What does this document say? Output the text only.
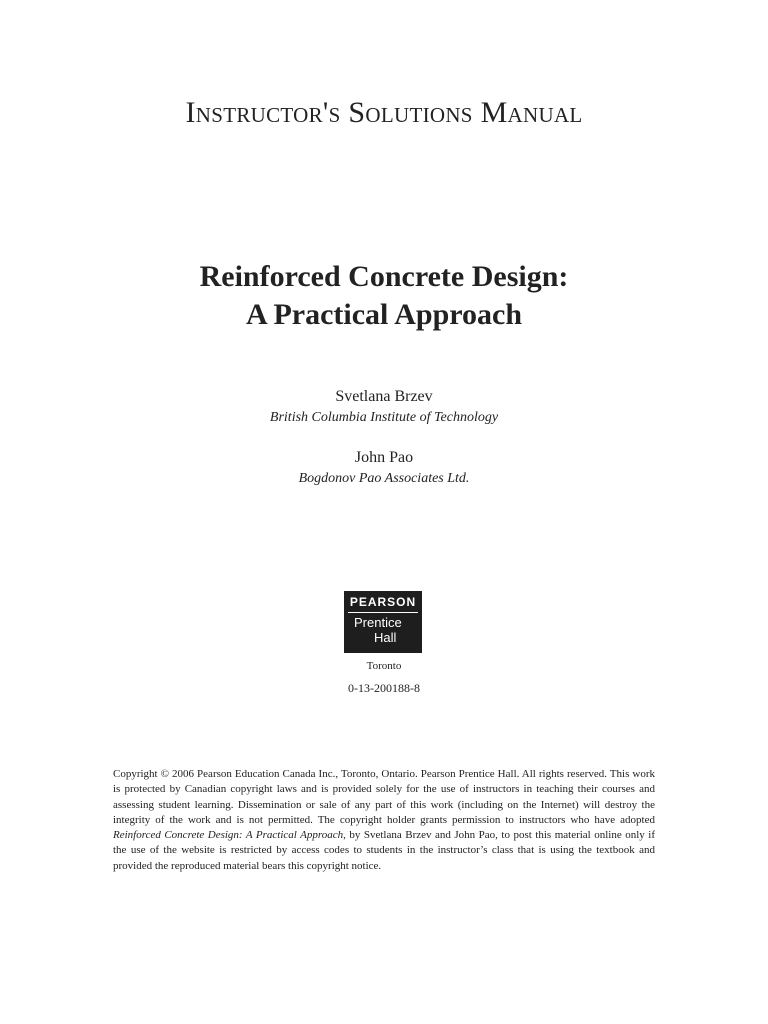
Instructor's Solutions Manual
Reinforced Concrete Design:
A Practical Approach
Svetlana Brzev
British Columbia Institute of Technology
John Pao
Bogdonov Pao Associates Ltd.
PEARSON
Prentice
Hall
Toronto
0-13-200188-8
Copyright © 2006 Pearson Education Canada Inc., Toronto, Ontario. Pearson Prentice Hall. All rights reserved. This work is protected by Canadian copyright laws and is provided solely for the use of instructors in teaching their courses and assessing student learning. Dissemination or sale of any part of this work (including on the Internet) will destroy the integrity of the work and is not permitted. The copyright holder grants permission to instructors who have adopted Reinforced Concrete Design: A Practical Approach, by Svetlana Brzev and John Pao, to post this material online only if the use of the website is restricted by access codes to students in the instructor’s class that is using the textbook and provided the reproduced material bears this copyright notice.
